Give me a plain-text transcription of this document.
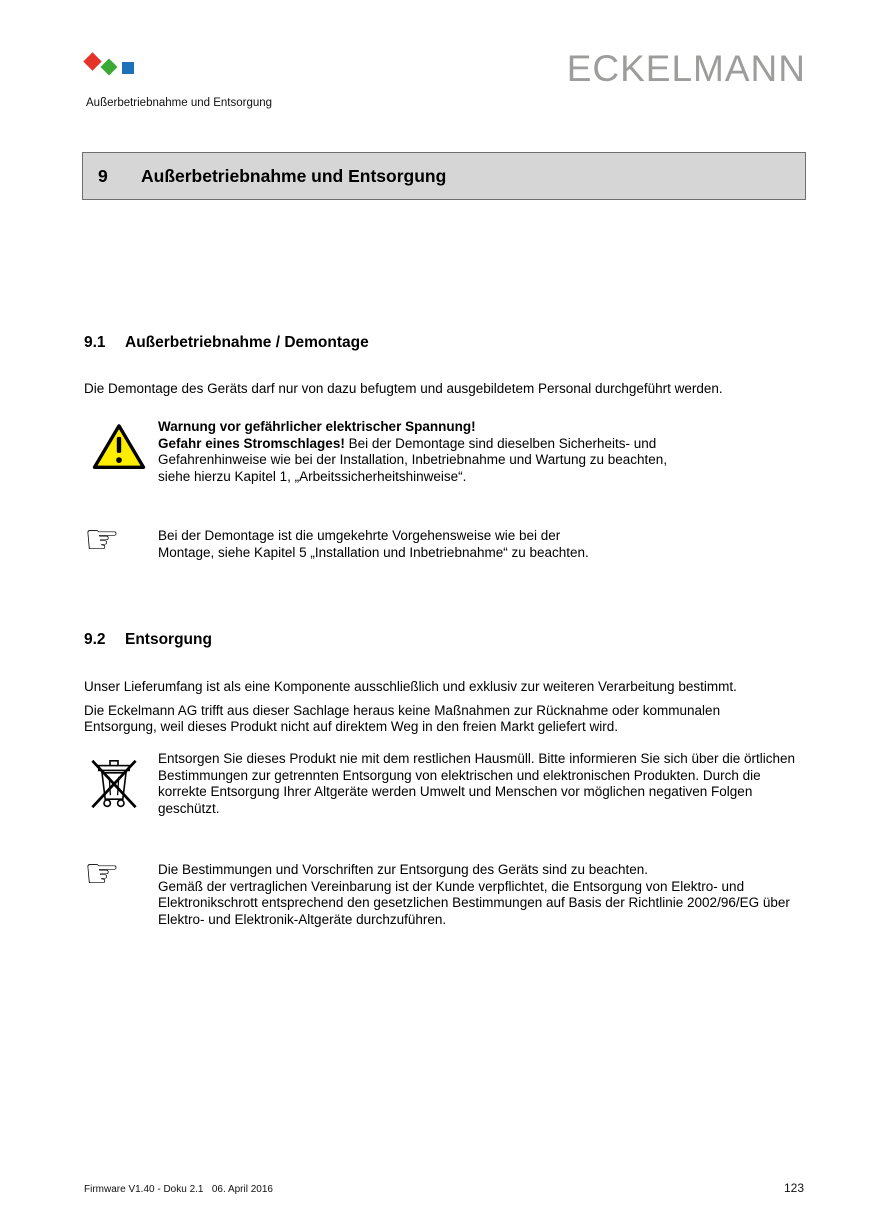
Außerbetriebnahme und Entsorgung
ECKELMANN
9	Außerbetriebnahme und Entsorgung
9.1	Außerbetriebnahme / Demontage

Die Demontage des Geräts darf nur von dazu befugtem und ausgebildetem Personal durchgeführt werden.

Warnung vor gefährlicher elektrischer Spannung!
Gefahr eines Stromschlages! Bei der Demontage sind dieselben Sicherheits- und Gefahrenhinweise wie bei der Installation, Inbetriebnahme und Wartung zu beachten, siehe hierzu Kapitel 1, „Arbeitssicherheitshinweise“.
☞	Bei der Demontage ist die umgekehrte Vorgehensweise wie bei der Montage, siehe Kapitel 5 „Installation und Inbetriebnahme“ zu beachten.
9.2	Entsorgung

Unser Lieferumfang ist als eine Komponente ausschließlich und exklusiv zur weiteren Verarbeitung bestimmt.

Die Eckelmann AG trifft aus dieser Sachlage heraus keine Maßnahmen zur Rücknahme oder kommunalen Entsorgung, weil dieses Produkt nicht auf direktem Weg in den freien Markt geliefert wird.

Entsorgen Sie dieses Produkt nie mit dem restlichen Hausmüll. Bitte informieren Sie sich über die örtlichen Bestimmungen zur getrennten Entsorgung von elektrischen und elektronischen Produkten. Durch die korrekte Entsorgung Ihrer Altgeräte werden Umwelt und Menschen vor möglichen negativen Folgen geschützt.
☞	Die Bestimmungen und Vorschriften zur Entsorgung des Geräts sind zu beachten.
Gemäß der vertraglichen Vereinbarung ist der Kunde verpflichtet, die Entsorgung von Elektro- und Elektronikschrott entsprechend den gesetzlichen Bestimmungen auf Basis der Richtlinie 2002/96/EG über Elektro- und Elektronik-Altgeräte durchzuführen.
Firmware V1.40 - Doku 2.1   06. April 2016	123
